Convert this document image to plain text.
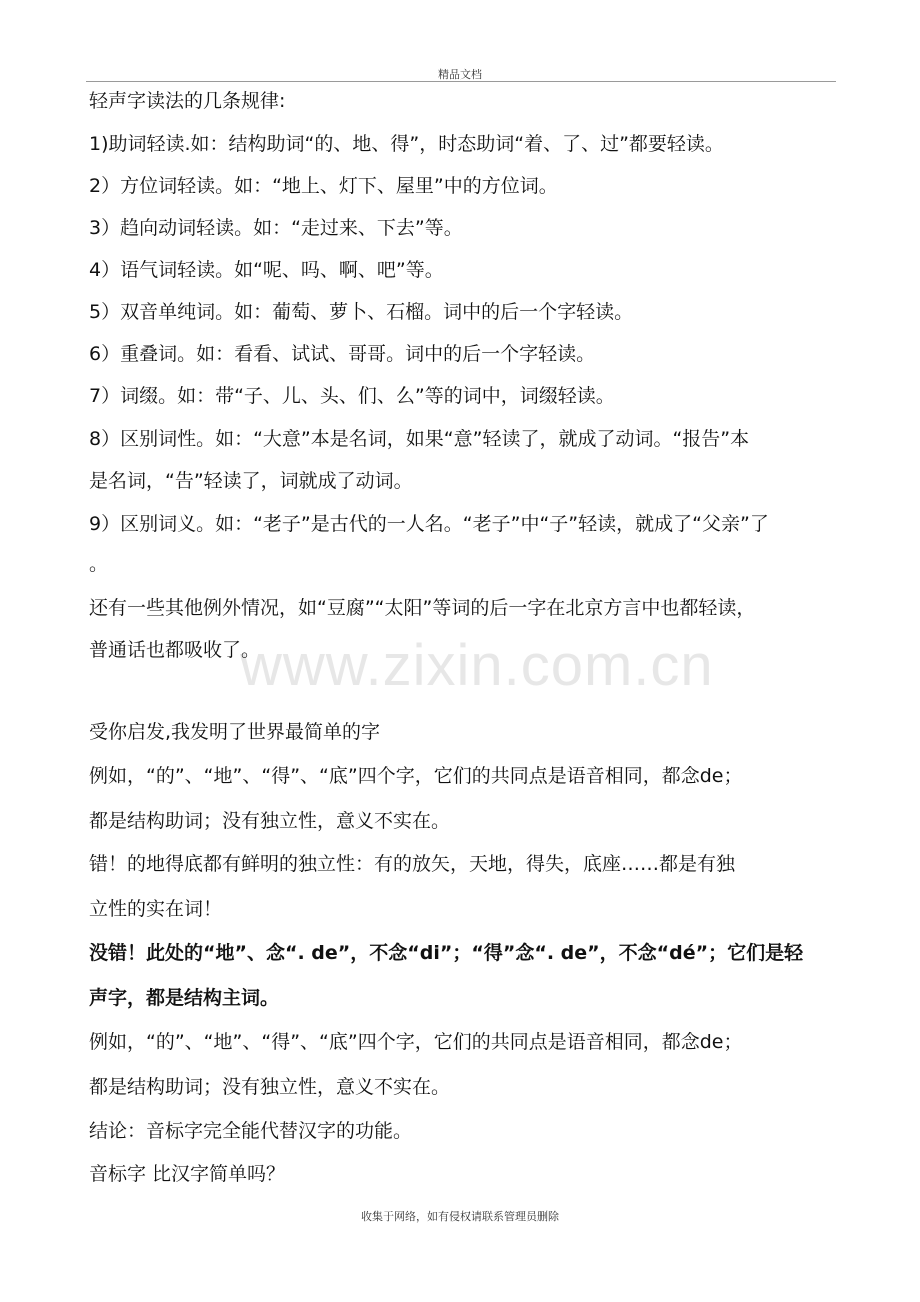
精品文档
www.zixin.com.cn
轻声字读法的几条规律:
1)助词轻读.如：结构助词“的、地、得”，时态助词“着、了、过”都要轻读。
2）方位词轻读。如：“地上、灯下、屋里”中的方位词。
3）趋向动词轻读。如：“走过来、下去”等。
4）语气词轻读。如“呢、吗、啊、吧”等。
5）双音单纯词。如：葡萄、萝卜、石榴。词中的后一个字轻读。
6）重叠词。如：看看、试试、哥哥。词中的后一个字轻读。
7）词缀。如：带“子、儿、头、们、么”等的词中，词缀轻读。
8）区别词性。如：“大意”本是名词，如果“意”轻读了，就成了动词。“报告”本
是名词，“告”轻读了，词就成了动词。
9）区别词义。如：“老子”是古代的一人名。“老子”中“子”轻读，就成了“父亲”了
。
还有一些其他例外情况，如“豆腐”“太阳”等词的后一字在北京方言中也都轻读，
普通话也都吸收了。
受你启发,我发明了世界最简单的字
例如，“的”、“地”、“得”、“底”四个字，它们的共同点是语音相同，都念de；
都是结构助词；没有独立性，意义不实在。
错！的地得底都有鲜明的独立性：有的放矢，天地，得失，底座……都是有独
立性的实在词！
没错！此处的“地”、念“. de”，不念“di”；“得”念“. de”，不念“dé”；它们是轻
声字，都是结构主词。
例如，“的”、“地”、“得”、“底”四个字，它们的共同点是语音相同，都念de；
都是结构助词；没有独立性，意义不实在。
结论：音标字完全能代替汉字的功能。
音标字 比汉字简单吗？
收集于网络，如有侵权请联系管理员删除
